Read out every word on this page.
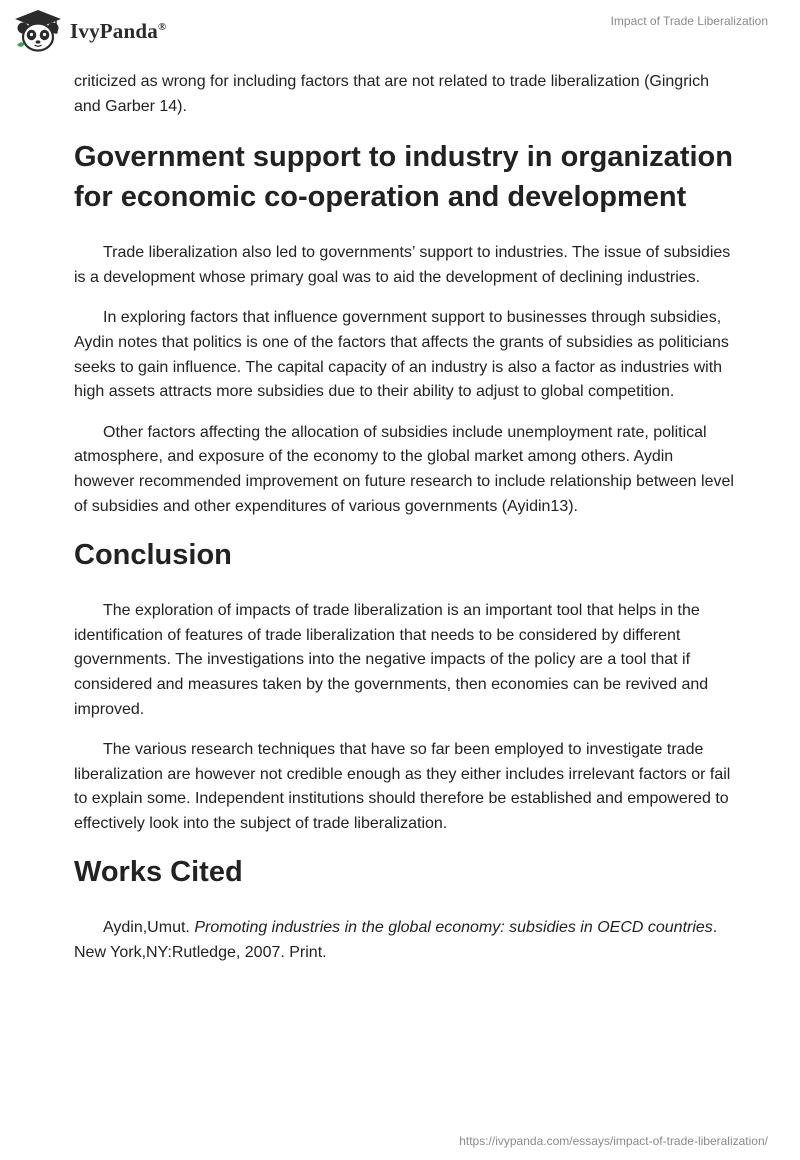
IvyPanda®	Impact of Trade Liberalization

criticized as wrong for including factors that are not related to trade liberalization (Gingrich and Garber 14).

Government support to industry in organization for economic co-operation and development

Trade liberalization also led to governments’ support to industries. The issue of subsidies is a development whose primary goal was to aid the development of declining industries.

In exploring factors that influence government support to businesses through subsidies, Aydin notes that politics is one of the factors that affects the grants of subsidies as politicians seeks to gain influence. The capital capacity of an industry is also a factor as industries with high assets attracts more subsidies due to their ability to adjust to global competition.

Other factors affecting the allocation of subsidies include unemployment rate, political atmosphere, and exposure of the economy to the global market among others. Aydin however recommended improvement on future research to include relationship between level of subsidies and other expenditures of various governments (Ayidin13).

Conclusion

The exploration of impacts of trade liberalization is an important tool that helps in the identification of features of trade liberalization that needs to be considered by different governments. The investigations into the negative impacts of the policy are a tool that if considered and measures taken by the governments, then economies can be revived and improved.

The various research techniques that have so far been employed to investigate trade liberalization are however not credible enough as they either includes irrelevant factors or fail to explain some. Independent institutions should therefore be established and empowered to effectively look into the subject of trade liberalization.

Works Cited

Aydin,Umut. Promoting industries in the global economy: subsidies in OECD countries. New York,NY:Rutledge, 2007. Print.

https://ivypanda.com/essays/impact-of-trade-liberalization/
